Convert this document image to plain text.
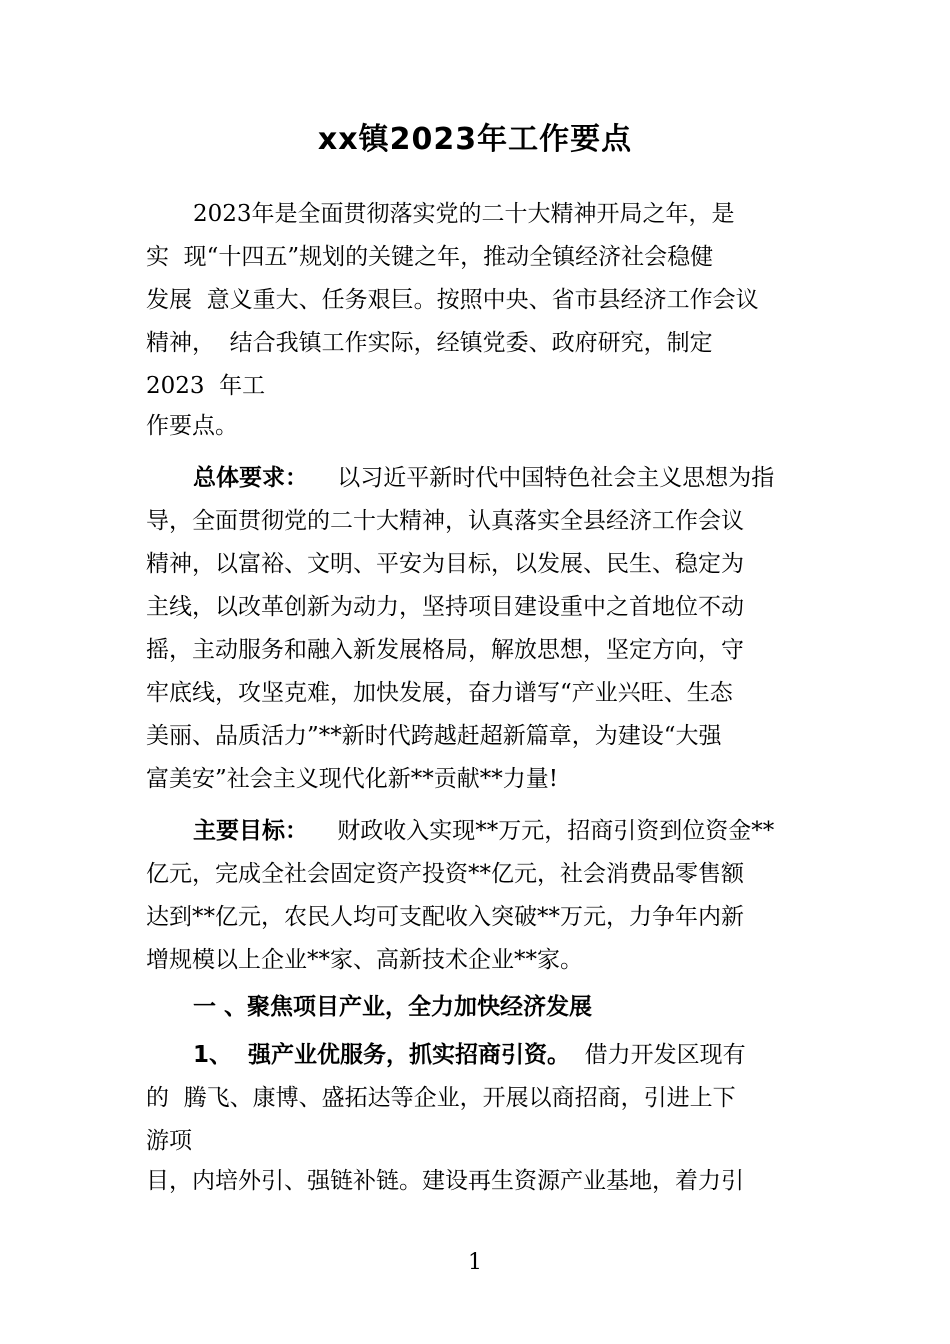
xx镇2023年工作要点
2023年是全面贯彻落实党的二十大精神开局之年，是
实  现“十四五”规划的关键之年，推动全镇经济社会稳健
发展  意义重大、任务艰巨。按照中央、省市县经济工作会议
精神，  结合我镇工作实际，经镇党委、政府研究，制定
2023  年工
作要点。
总体要求：    以习近平新时代中国特色社会主义思想为指
导，全面贯彻党的二十大精神，认真落实全县经济工作会议
精神，以富裕、文明、平安为目标，以发展、民生、稳定为
主线，以改革创新为动力，坚持项目建设重中之首地位不动
摇，主动服务和融入新发展格局，解放思想，坚定方向，守
牢底线，攻坚克难，加快发展，奋力谱写“产业兴旺、生态
美丽、品质活力”**新时代跨越赶超新篇章，为建设“大强
富美安”社会主义现代化新**贡献**力量!
主要目标：    财政收入实现**万元，招商引资到位资金**
亿元，完成全社会固定资产投资**亿元，社会消费品零售额
达到**亿元，农民人均可支配收入突破**万元，力争年内新
增规模以上企业**家、高新技术企业**家。
一 、聚焦项目产业，全力加快经济发展
1、  强产业优服务，抓实招商引资。  借力开发区现有
的  腾飞、康博、盛拓达等企业，开展以商招商，引进上下
游项
目，内培外引、强链补链。建设再生资源产业基地，着力引
1
